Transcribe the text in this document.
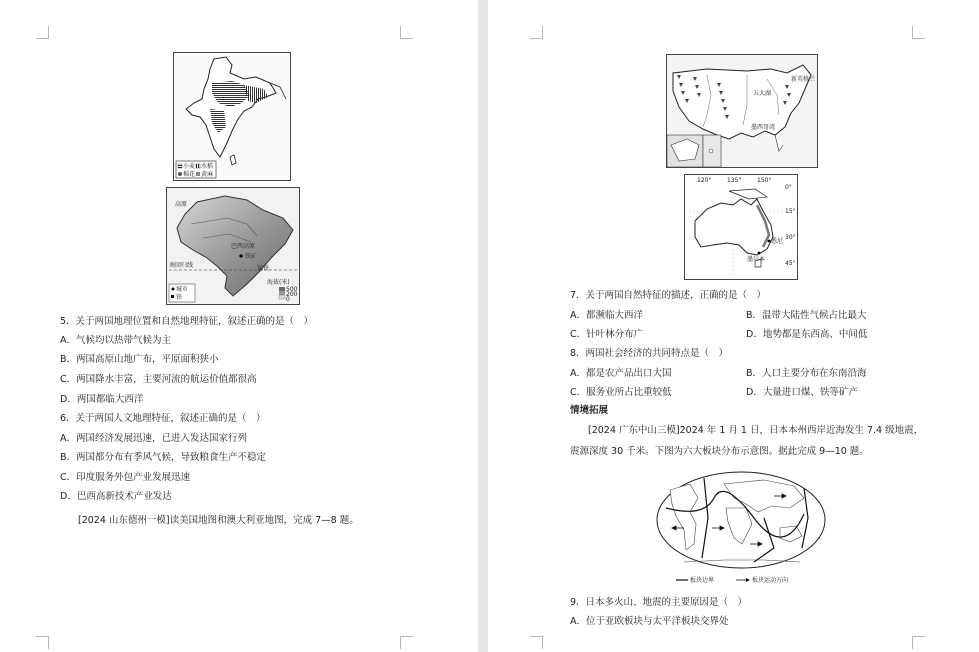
小麦 水稻
棉花 黄麻
巴西高原
铁矿
锰铁
南回归线
高原
城市
铁
海拔(米)
500
200
0
5．关于两国地理位置和自然地理特征，叙述正确的是（　）
A．气候均以热带气候为主
B．两国高原山地广布，平原面积狭小
C．两国降水丰富，主要河流的航运价值都很高
D．两国都临大西洋
6．关于两国人文地理特征，叙述正确的是（　）
A．两国经济发展迅速，已进入发达国家行列
B．两国都分布有季风气候，导致粮食生产不稳定
C．印度服务外包产业发展迅速
D．巴西高新技术产业发达
[2024 山东德州一模]读美国地图和澳大利亚地图，完成 7—8 题。
五大湖
新英格兰
墨西哥湾
120°	135°	150°
0°
15°
30°
45°
悉尼
墨尔本
7．关于两国自然特征的描述，正确的是（　）
A．都濒临大西洋	B．温带大陆性气候占比最大
C．针叶林分布广	D．地势都是东西高、中间低
8．两国社会经济的共同特点是（　）
A．都是农产品出口大国	B．人口主要分布在东南沿海
C．服务业所占比重较低	D．大量进口煤、铁等矿产
情境拓展
[2024 广东中山三模]2024 年 1 月 1 日，日本本州西岸近海发生 7.4 级地震，
震源深度 30 千米。下图为六大板块分布示意图。据此完成 9—10 题。
板块边界	板块运动方向
9．日本多火山、地震的主要原因是（　）
A．位于亚欧板块与太平洋板块交界处
